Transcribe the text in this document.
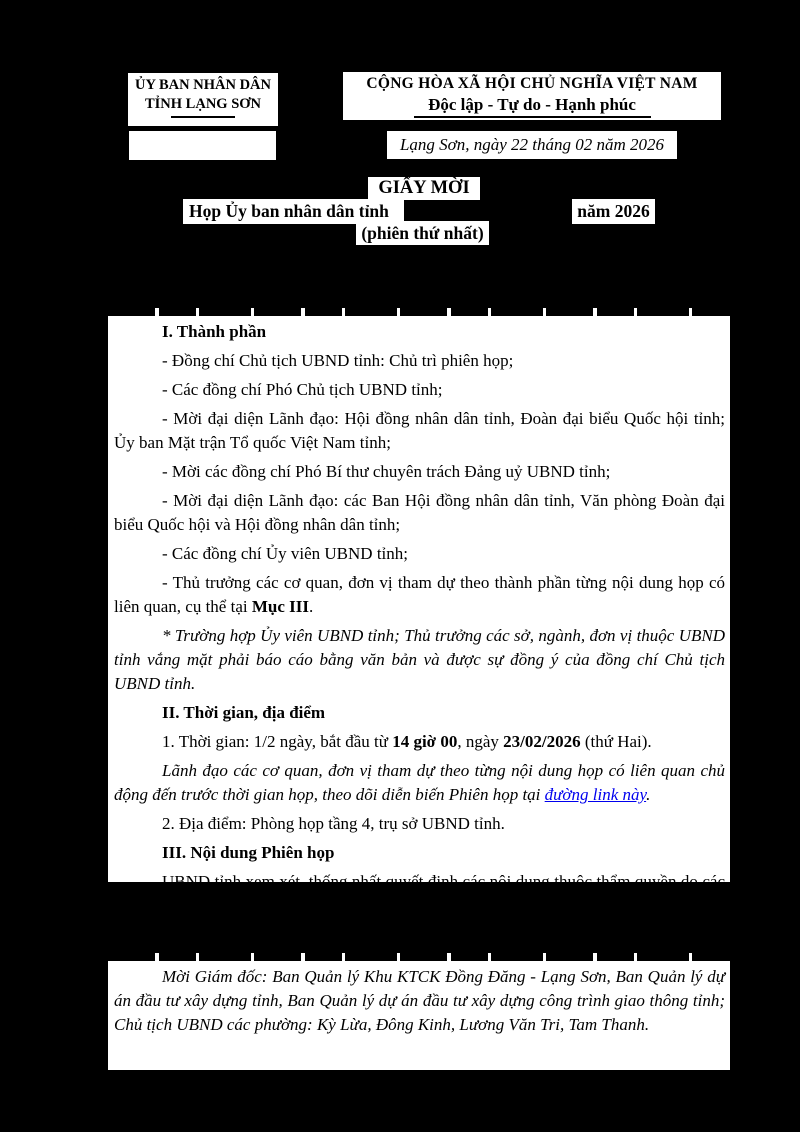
ỦY BAN NHÂN DÂN
TỈNH LẠNG SƠN

Số:   41   /GM-UBND

CỘNG HÒA XÃ HỘI CHỦ NGHĨA VIỆT NAM
Độc lập - Tự do - Hạnh phúc
Lạng Sơn, ngày 22 tháng 02 năm 2026
GIẤY MỜI
Họp Ủy ban nhân dân tỉnh	năm 2026
(phiên thứ nhất)

I. Thành phần

- Đồng chí Chủ tịch UBND tỉnh: Chủ trì phiên họp;

- Các đồng chí Phó Chủ tịch UBND tỉnh;

- Mời đại diện Lãnh đạo: Hội đồng nhân dân tỉnh, Đoàn đại biểu Quốc hội tỉnh; Ủy ban Mặt trận Tổ quốc Việt Nam tỉnh;

- Mời các đồng chí Phó Bí thư chuyên trách Đảng uỷ UBND tỉnh;

- Mời đại diện Lãnh đạo: các Ban Hội đồng nhân dân tỉnh, Văn phòng Đoàn đại biểu Quốc hội và Hội đồng nhân dân tỉnh;

- Các đồng chí Ủy viên UBND tỉnh;

- Thủ trưởng các cơ quan, đơn vị tham dự theo thành phần từng nội dung họp có liên quan, cụ thể tại Mục III.

* Trường hợp Ủy viên UBND tỉnh; Thủ trưởng các sở, ngành, đơn vị thuộc UBND tỉnh vắng mặt phải báo cáo bằng văn bản và được sự đồng ý của đồng chí Chủ tịch UBND tỉnh.

II. Thời gian, địa điểm

1. Thời gian: 1/2 ngày, bắt đầu từ 14 giờ 00, ngày 23/02/2026 (thứ Hai).

Lãnh đạo các cơ quan, đơn vị tham dự theo từng nội dung họp có liên quan chủ động đến trước thời gian họp, theo dõi diễn biến Phiên họp tại đường link này.

2. Địa điểm: Phòng họp tầng 4, trụ sở UBND tỉnh.

III. Nội dung Phiên họp

UBND tỉnh xem xét, thống nhất quyết định các nội dung thuộc thẩm quyền do các Sở, ngành trình, cụ thể như sau:

Mời Giám đốc: Ban Quản lý Khu KTCK Đồng Đăng - Lạng Sơn, Ban Quản lý dự án đầu tư xây dựng tỉnh, Ban Quản lý dự án đầu tư xây dựng công trình giao thông tỉnh; Chủ tịch UBND các phường: Kỳ Lừa, Đông Kinh, Lương Văn Tri, Tam Thanh.
